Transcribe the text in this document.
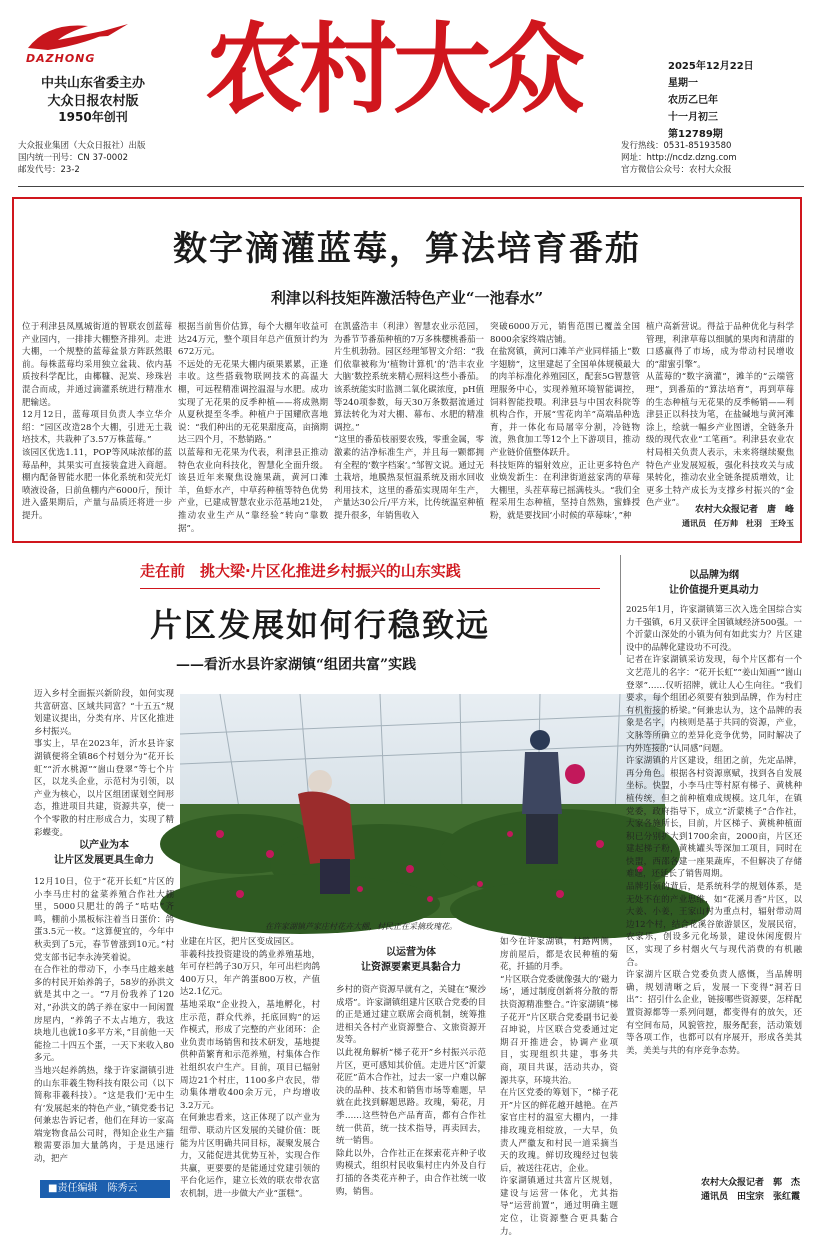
DAZHONG
中共山东省委主办
大众日报农村版
1950年创刊
大众报业集团（大众日报社）出版
国内统一刊号：CN 37-0002
邮发代号：23-2
农村大众	2025年12月22日
星期一
农历乙巳年
十一月初三
第12789期
发行热线：0531-85193580
网址：http://ncdz.dzng.com
官方微信公众号：农村大众报
数字滴灌蓝莓，算法培育番茄
利津以科技矩阵激活特色产业“一池春水”
位于利津县凤凰城街道的智联农创蓝莓产业园内，一排排大棚整齐排列。走进大棚，一个规整的蓝莓盆景方阵跃然眼前。每株蓝莓均采用独立盆栽、依内基质按科学配比，由椰糠、泥炭、珍珠岩混合而成，并通过滴灌系统进行精准水肥输送。
12月12日，蓝莓项目负责人李立华介绍：“园区改造28个大棚，引进无土栽培技术，共栽种了3.57万株蓝莓。”
该园区优选1.11，POP等风味浓郁的蓝莓品种，其果实可直接装盒进入商超。棚内配备智能水肥一体化系统和荧光灯喷液设备，日前鱼棚内产6000斤，预计进入盛果期后，产量与品质还将进一步提升。
根据当前售价估算，每个大棚年收益可达24万元，整个项目年总产值预计约为672万元。
不远处的无花果大棚内硕果累累，正逢丰收。这些搭载物联网技术的高温大棚，可远程精准调控温湿与水肥。成功实现了无花果的反季种植——将成熟期从夏秋提至冬季。种植户于国耀欣喜地说：“我们种出的无花果甜度高，亩摘期达三四个月，不愁销路。”
以蓝莓和无花果为代表，利津县正推动特色农业向科技化，智慧化全面升级。该县近年来聚焦设施果蔬，黄河口滩羊，鱼虾水产，中草药种植等特色优势产业，已建成智慧农业示范基地21处，推动农业生产从“靠经验”转向“靠数据”。
在凯盛浩丰（利津）智慧农业示范园，为番节节番茄种植的7万多株樱桃番茄一片生机勃勃。园区经理邹智文介绍：“我们依靠被称为‘植物计算机’的‘浩丰农业大脑’数控系统来精心照料这些小番茄。该系统能实时监测二氧化碳浓度，pH值等240项参数，每天30万条数据流通过算法转化为对大棚、幕布、水肥的精准调控。”
“这里的番茄枝丽要农残，零重金属，零激素的洁净标准生产，并且每一颗都拥有全程的‘数字档案’。”邹智文说。通过无土栽培，地膜热泵恒温系统及雨水回收利用技术，这里的番茄实现周年生产，产量达30公斤/平方米，比传统温室种植提升很多，年销售收入
突破6000万元，销售范围已覆盖全国8000余家终端店铺。
在盐窝镇，黄河口滩羊产业同样插上“数字翅膀”，这里建起了全国单体规模最大的肉羊标准化养殖园区，配套5G智慧管理服务中心，实现养殖环境智能调控，饲料智能投喂。利津县与中国农科院等机构合作，开展“雪花肉羊”高端品种选育，并一体化布局屠宰分割，冷链物流，熟食加工等12个上下游项目，推动产业链价值整体跃升。
科技矩阵的辐射效应，正让更多特色产业焕发新生：在利津街道兹家湾的草莓大棚里，头茬草莓已摇满枝头。“我们全程采用生态种植，坚持自然熟，蜜蜂授粉，就是要找回‘小时候的草莓味’，”种
植户高新营说。得益于品种优化与科学管理，利津草莓以细腻的果肉和清甜的口感赢得了市场，成为带动村民增收的“甜蜜引擎”。
从蓝莓的“数字滴灌”，滩羊的“云端管理”，到番茄的“算法培育”，再到草莓的生态种植与无花果的反季畅销——利津县正以科技为笔，在盐碱地与黄河滩涂上，绘就一幅乡产业图谱，全链条升级的现代农业“工笔画”。利津县农业农村局相关负责人表示，未来将继续聚焦特色产业发展短板，强化科技攻关与成果转化，推动农业全链条提质增效，让更多土特产成长为支撑乡村振兴的“金色产业”。
农村大众报记者　唐　峰
通讯员　任万帅　杜羽　王玲玉
走在前　挑大梁·片区化推进乡村振兴的山东实践
片区发展如何行稳致远
——看沂水县许家湖镇“组团共富”实践
迈入乡村全面振兴新阶段，如何实现共富研富、区域共同富？“十五五”规划建议提出，分类有序、片区化推进乡村振兴。
事实上，早在2023年，沂水县许家湖镇便将全镇86个村划分为“花开长虹”“沂水桃源”“崮山登翠”等七个片区，以龙头企业，示范村为引领，以产业为核心，以片区组团谋划空间形态，推进项目共建，资源共享，使一个个零散的村庄形成合力，实现了精彩蝶变。
在许家湖镇芦家庄村花卉大棚，村民正在采摘玫瑰花。
以产业为本
让片区发展更具生命力
12月10日，位于“花开长虹”片区的小李马庄村的盆菜养殖合作社大棚里，5000只肥壮的鸽子“咕咕”齐鸣，棚前小黑板标注着当日蛋价：鸽蛋3.5元一枚。“这算便宜的，今年中秋卖到了5元，春节曾涨到10元。”村党支部书记李永涛笑着说。
在合作社的带动下，小李马庄越来越多的村民开始养鸽子，58岁的孙洪文就是其中之一。“7月份我养了120对，”孙洪文的鸽子养在家中一间闲置房屋内，“养鸽子不太占地方，我这块地儿也就10多平方米，”目前他一天能捡二十四五个蛋，一天下来收入80多元。
当地兴起养鸽热，缘于许家湖镇引进的山东菲羲生物科技有限公司（以下简称菲羲科技）。“这是我们‘无中生有’发展起来的特色产业，”镇党委书记何兼忠告诉记者，他们在拜访一家高端宠物食品公司时，得知企业生产猫粮需要添加大量鸽肉，于是迅速行动，把产
业建在片区，把片区变成园区。
菲羲科技投资建设的鸽业养殖基地，年可存栏鸽子30万只，年可出栏肉鸽400万只，年产鸽蛋800万枚，产值达2.1亿元。
基地采取“企业投入，基地孵化，村庄示范，群众代养，托底回购”的运作模式，形成了完整的产业闭环：企业负责市场销售和技术研发，基地提供种苗繁育和示范养殖，村集体合作社组织农户生产。目前，项目已辐射周边21个村庄，1100多户农民，带动集体增收400余万元，户均增收3.2万元。
在何兼忠看来，这正体现了以产业为纽带、联动片区发展的关键价值：既能为片区明确共同目标，凝聚发展合力，又能促进其优势互补，实现合作共赢，更要要的是能通过党建引领的平台化运作，建立长效的联农带农富农机制，进一步做大产业“蛋糕”。
以运营为体
让资源要素更具黏合力
乡村的资产资源早就有之，关键在“聚沙成塔”。许家湖镇组建片区联合党委的目的正是通过建立联席会商机制，统筹推进相关各村产业资源整合、文旅资源开发等。
以此视角解析“梯子花开”乡村振兴示范片区，更可感知其价值。走进片区“沂蒙花匠”苗木合作社，过去一家一户难以解决的品种、技术和销售市场等难题，早就在此找到解题思路。玫瑰，菊花，月季……这些特色产品育苗，都有合作社统一供苗，统一技术指导，再卖回去，统一销售。
除此以外，合作社正在探索花卉种子收购模式，组织村民收集村庄内外及自行打插的各类花卉种子，由合作社统一收购，销售。
如今在许家湖镇，村路两侧，房前屋后，都是农民种植的菊花，扦插的月季。
“片区联合党委就像强大的‘磁力场’，通过制度创新将分散的帮扶资源精准整合。”许家湖镇“梯子花开”片区联合党委副书记姜召坤说，片区联合党委通过定期召开推进会，协调产业项目，实现组织共建，事务共商，项目共谋，活动共办，资源共享，环境共治。
在片区党委的筹划下，“梯子花开”片区的鲜花越开越艳。在芦家官庄村的温室大棚内，一排排玫瑰竞相绽放，一大早，负责人严徽友和村民一道采摘当天的玫瑰。鲜切玫瑰经过包装后，被送往花店，企业。
许家湖镇通过共富片区规划，建设与运营一体化，尤其指导“运营前置”，通过明确主题定位，让资源整合更具黏合力。
以品牌为纲
让价值提升更具动力
2025年1月，许家湖镇第三次入选全国综合实力千强镇，6月又获评全国镇域经济500强。一个沂蒙山深处的小镇为何有如此实力？片区建设中的品牌化建设功不可没。
记者在许家湖镇采访发现，每个片区都有一个文艺范儿的名字：“花开长虹”“姜山知画”“崮山登翠”……仅听招牌，就让人心生向往。“我们要求，每个组团必须要有独到品牌，作为村庄有机衔接的桥梁。”何兼忠认为，这个品牌的表象是名字，内核则是基于共同的资源，产业，文脉等所确立的差异化竞争优势，同时解决了内外连接的“认同感”问题。
许家湖镇的片区建设，组团之前，先定品牌，再分角色。根据各村资源禀赋，找到各自发展坐标。快盟，小李马庄等村原有梯子、黄桃种植传统，但之前种植难成规模。这几年，在镇党委，政府指导下，成立“沂蒙桃子”合作社，大家各施所长，目前，片区梯子、黄桃种植面积已分别扩大到1700余亩，2000亩，片区还建起梯子粉，黄桃罐头等深加工项目，同时在快盟，西邵各建一座果蔬库，不但解决了存储难题，还延长了销售周期。
品牌引领的背后，是系统科学的规划体系，是无处不在的产业思维，如“花溪月香”片区，以大姜、小姜，王家山村为重点村，辐射带动周边12个村，结合花溪谷旅游景区，发展民宿，农家乐，创设多元化场景，建设休闲度假片区，实现了乡村烟火气与现代消费的有机融合。
许家湖片区联合党委负责人感慨，当品牌明确，规划清晰之后，发展一下变得“洞若日出”：招引什么企业，链接哪些资源要，怎样配置资源都等一系列问题，都变得有的放矢，还有空间布局，风貌管控，服务配套，活动策划等各项工作，也都可以有序展开，形成各美其美，美美与共的有序竞争态势。
农村大众报记者　郭　杰
通讯员　田宝宗　张红霞
■责任编辑　陈秀云
